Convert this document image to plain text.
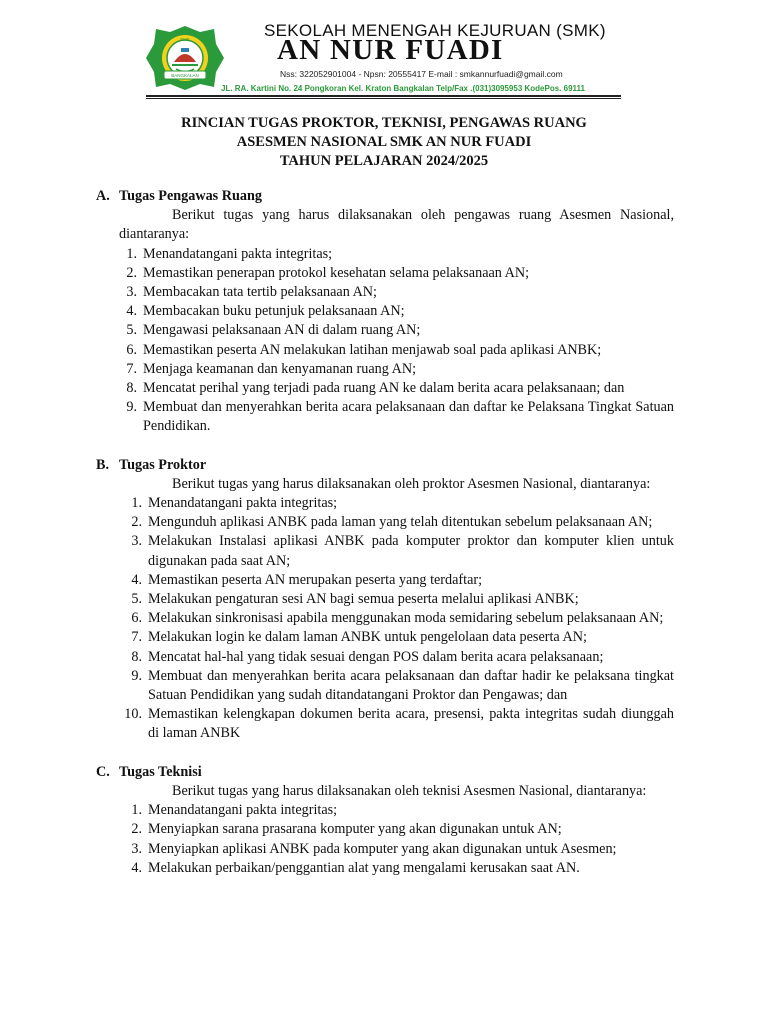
SMK
BANGKALAN
SEKOLAH MENENGAH KEJURUAN (SMK)
AN NUR FUADI
Nss: 322052901004 - Npsn: 20555417 E-mail : smkannurfuadi@gmail.com
JL. RA. Kartini No. 24 Pongkoran Kel. Kraton Bangkalan Telp/Fax .(031)3095953 KodePos. 69111
RINCIAN TUGAS PROKTOR, TEKNISI, PENGAWAS RUANG
ASESMEN NASIONAL SMK AN NUR FUADI
TAHUN PELAJARAN 2024/2025
A. Tugas Pengawas Ruang
Berikut tugas yang harus dilaksanakan oleh pengawas ruang Asesmen Nasional, diantaranya:
1. Menandatangani pakta integritas;
2. Memastikan penerapan protokol kesehatan selama pelaksanaan AN;
3. Membacakan tata tertib pelaksanaan AN;
4. Membacakan buku petunjuk pelaksanaan AN;
5. Mengawasi pelaksanaan AN di dalam ruang AN;
6. Memastikan peserta AN melakukan latihan menjawab soal pada aplikasi ANBK;
7. Menjaga keamanan dan kenyamanan ruang AN;
8. Mencatat perihal yang terjadi pada ruang AN ke dalam berita acara pelaksanaan; dan
9. Membuat dan menyerahkan berita acara pelaksanaan dan daftar ke Pelaksana Tingkat Satuan Pendidikan.
B. Tugas Proktor
Berikut tugas yang harus dilaksanakan oleh proktor Asesmen Nasional, diantaranya:
1. Menandatangani pakta integritas;
2. Mengunduh aplikasi ANBK pada laman yang telah ditentukan sebelum pelaksanaan AN;
3. Melakukan Instalasi aplikasi ANBK pada komputer proktor dan komputer klien untuk digunakan pada saat AN;
4. Memastikan peserta AN merupakan peserta yang terdaftar;
5. Melakukan pengaturan sesi AN bagi semua peserta melalui aplikasi ANBK;
6. Melakukan sinkronisasi apabila menggunakan moda semidaring sebelum pelaksanaan AN;
7. Melakukan login ke dalam laman ANBK untuk pengelolaan data peserta AN;
8. Mencatat hal-hal yang tidak sesuai dengan POS dalam berita acara pelaksanaan;
9. Membuat dan menyerahkan berita acara pelaksanaan dan daftar hadir ke pelaksana tingkat Satuan Pendidikan yang sudah ditandatangani Proktor dan Pengawas; dan
10. Memastikan kelengkapan dokumen berita acara, presensi, pakta integritas sudah diunggah di laman ANBK
C. Tugas Teknisi
Berikut tugas yang harus dilaksanakan oleh teknisi Asesmen Nasional, diantaranya:
1. Menandatangani pakta integritas;
2. Menyiapkan sarana prasarana komputer yang akan digunakan untuk AN;
3. Menyiapkan aplikasi ANBK pada komputer yang akan digunakan untuk Asesmen;
4. Melakukan perbaikan/penggantian alat yang mengalami kerusakan saat AN.
